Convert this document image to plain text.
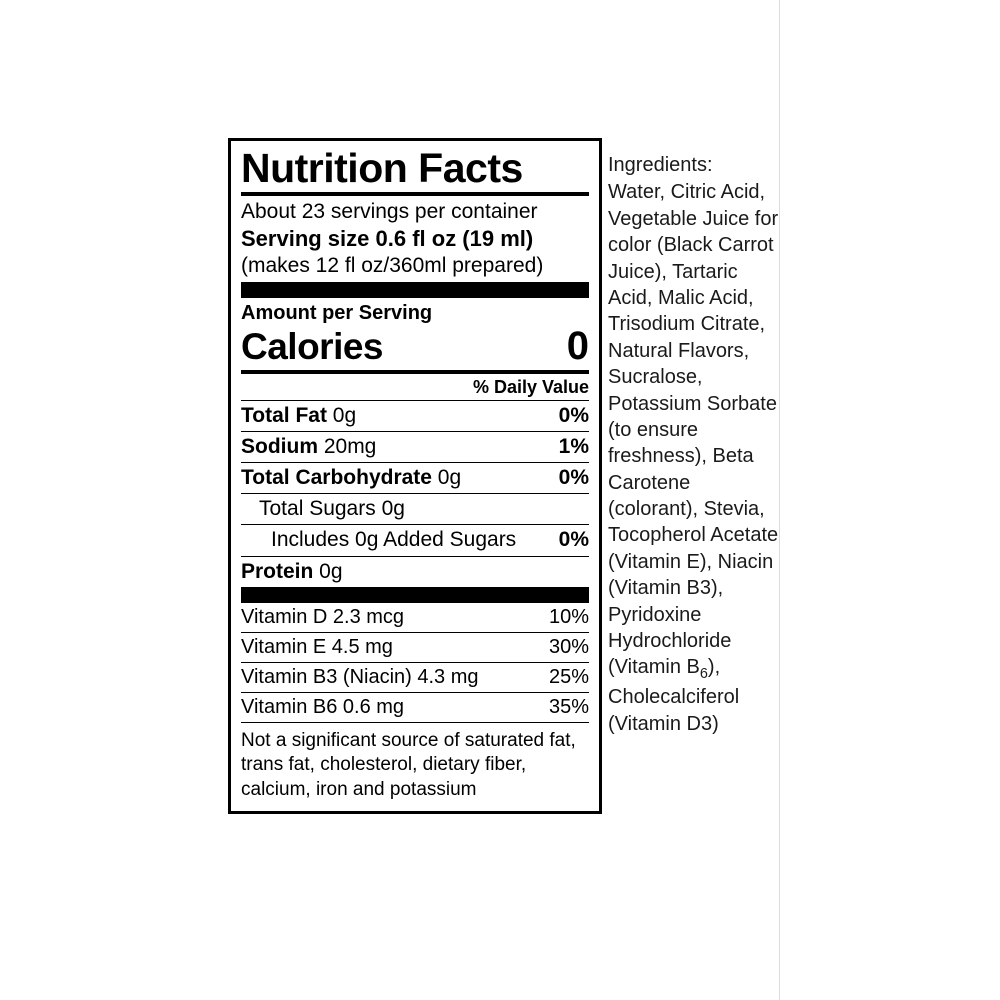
Nutrition Facts
About 23 servings per container
Serving size 0.6 fl oz (19 ml)
(makes 12 fl oz/360ml prepared)
Amount per Serving
Calories	0
% Daily Value
Total Fat 0g	0%
Sodium 20mg	1%
Total Carbohydrate 0g	0%
Total Sugars 0g
Includes 0g Added Sugars 0%
Protein 0g
Vitamin D 2.3 mcg	10%
Vitamin E 4.5 mg	30%
Vitamin B3 (Niacin) 4.3 mg	25%
Vitamin B6 0.6 mg	35%
Not a significant source of saturated fat, trans fat, cholesterol, dietary fiber, calcium, iron and potassium
Ingredients:
Water, Citric Acid, Vegetable Juice for color (Black Carrot Juice), Tartaric Acid, Malic Acid, Trisodium Citrate, Natural Flavors, Sucralose, Potassium Sorbate (to ensure freshness), Beta Carotene (colorant), Stevia, Tocopherol Acetate (Vitamin E), Niacin (Vitamin B3), Pyridoxine Hydrochloride (Vitamin $B_6$), Cholecalciferol (Vitamin D3)
